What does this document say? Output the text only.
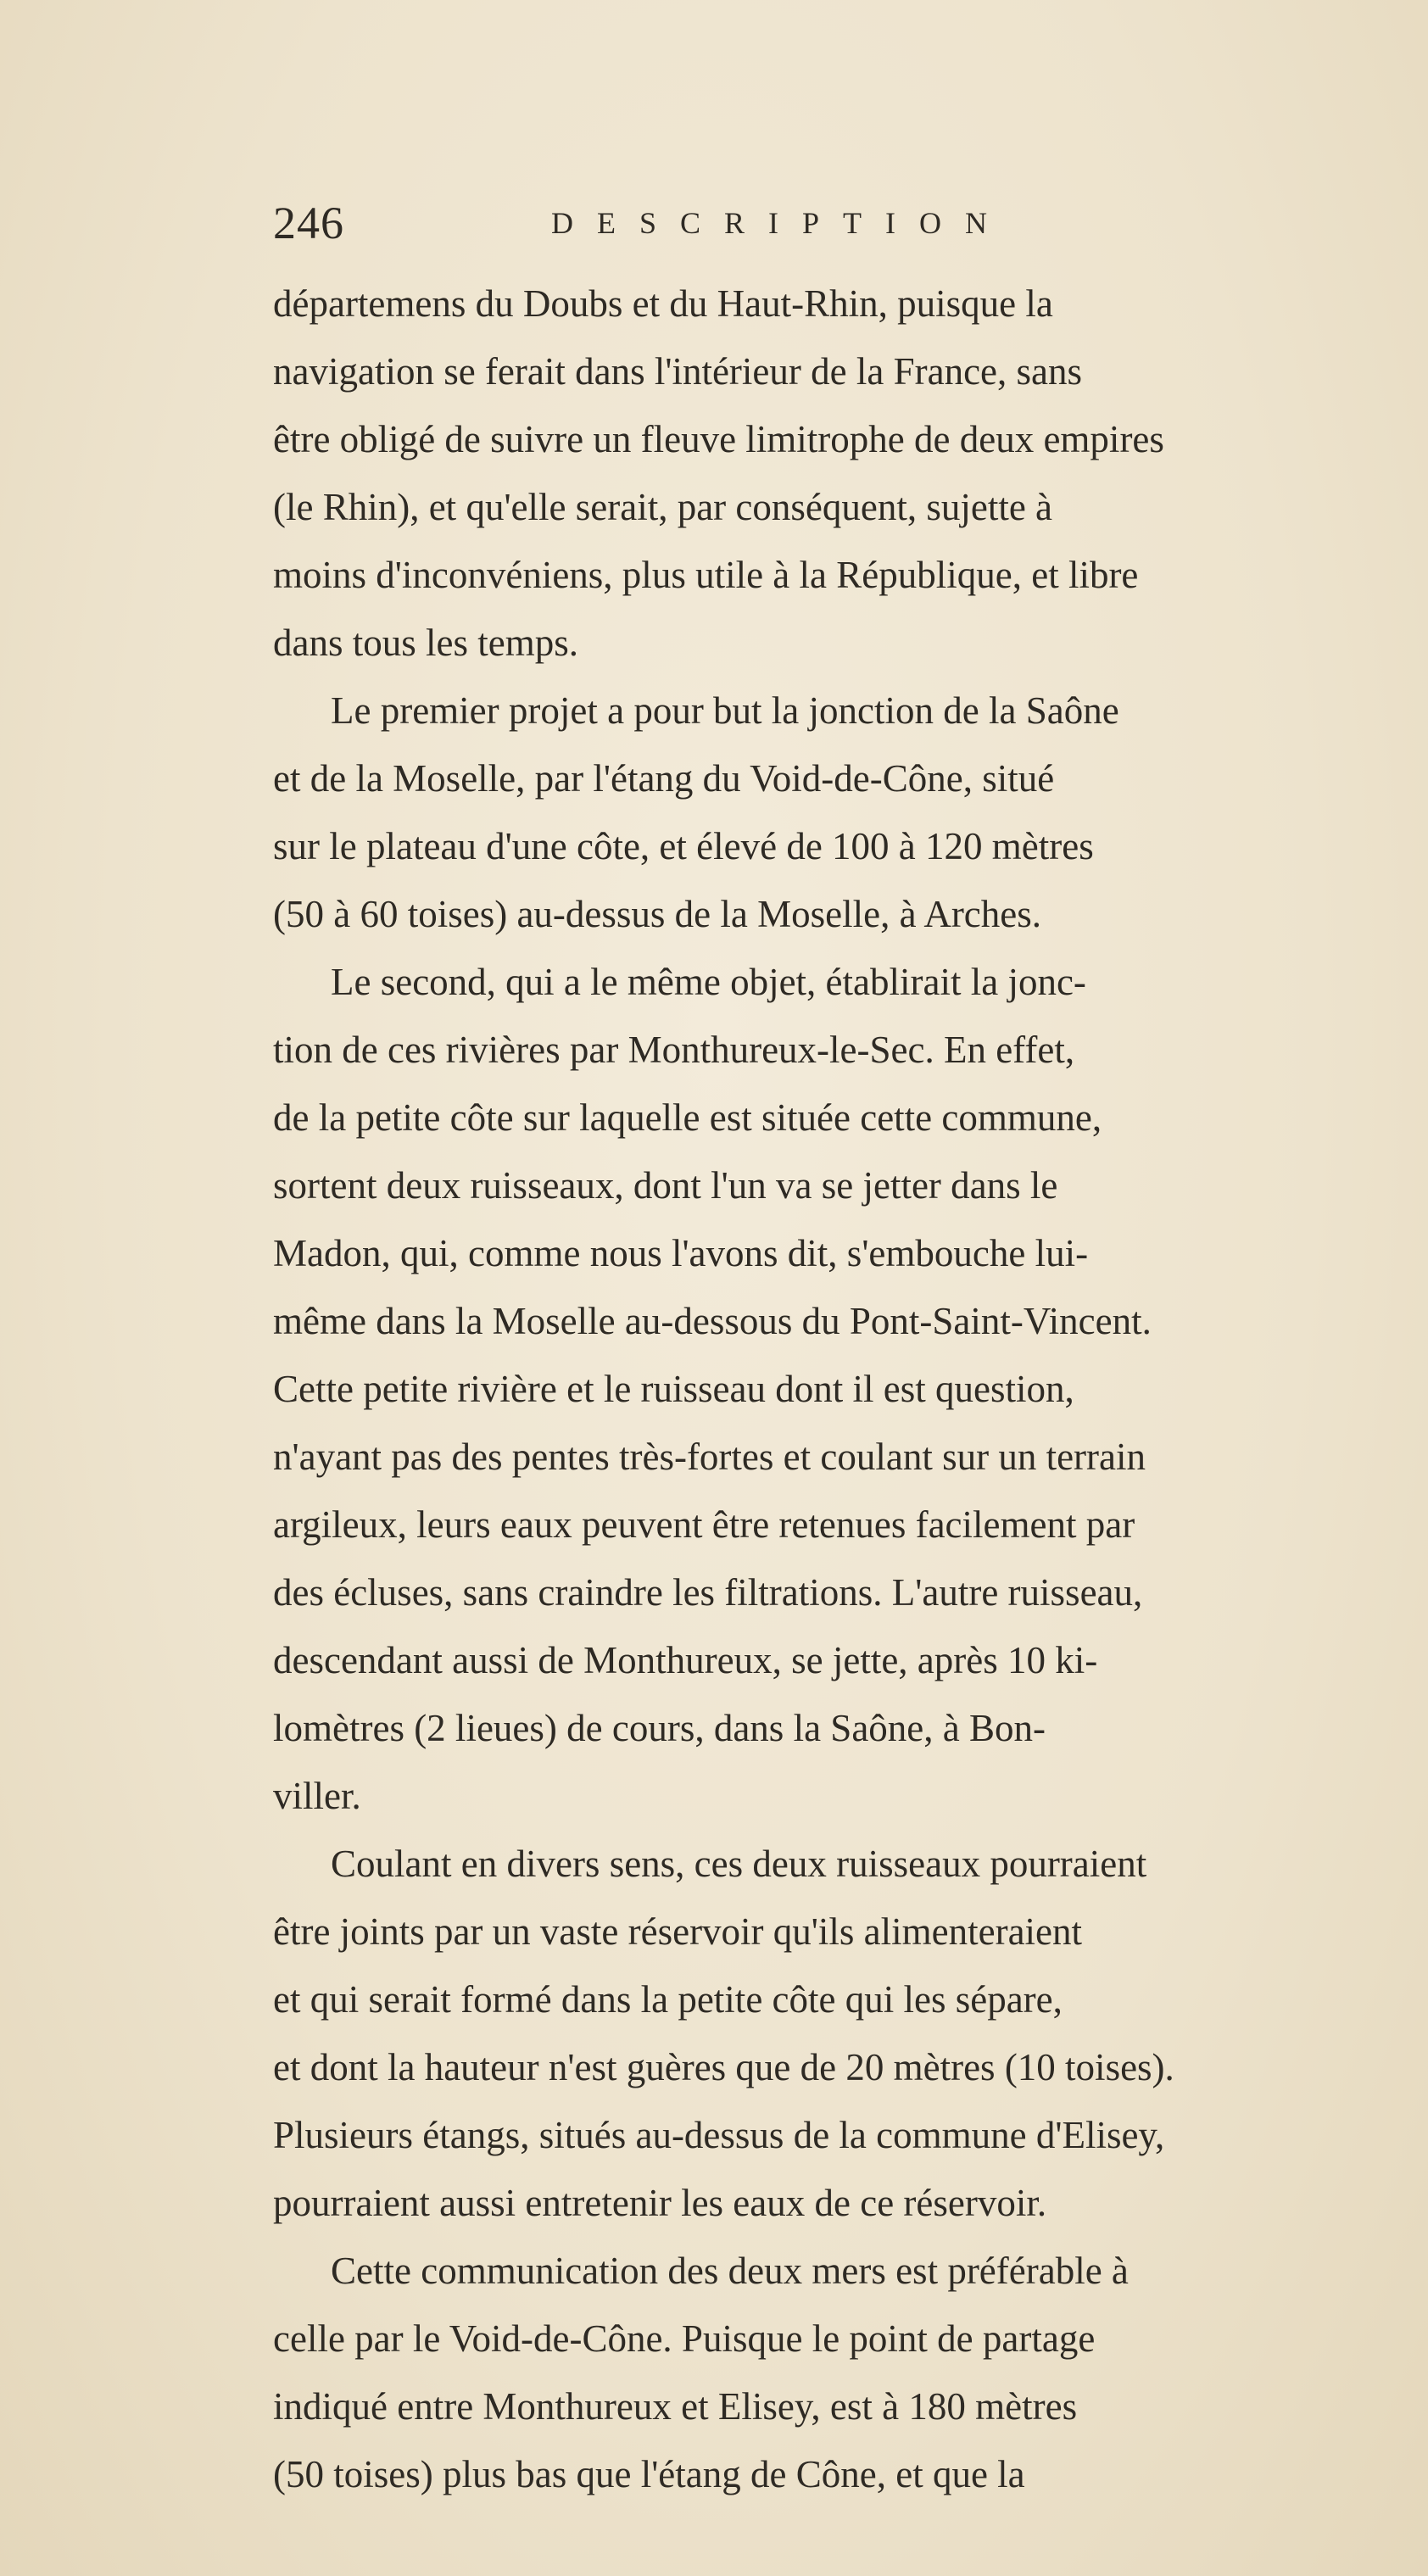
246	DESCRIPTION
départemens du Doubs et du Haut-Rhin, puisque la
navigation se ferait dans l'intérieur de la France, sans
être obligé de suivre un fleuve limitrophe de deux empires
(le Rhin), et qu'elle serait, par conséquent, sujette à
moins d'inconvéniens, plus utile à la République, et libre
dans tous les temps.
Le premier projet a pour but la jonction de la Saône
et de la Moselle, par l'étang du Void-de-Cône, situé
sur le plateau d'une côte, et élevé de 100 à 120 mètres
(50 à 60 toises) au-dessus de la Moselle, à Arches.
Le second, qui a le même objet, établirait la jonc-
tion de ces rivières par Monthureux-le-Sec. En effet,
de la petite côte sur laquelle est située cette commune,
sortent deux ruisseaux, dont l'un va se jetter dans le
Madon, qui, comme nous l'avons dit, s'embouche lui-
même dans la Moselle au-dessous du Pont-Saint-Vincent.
Cette petite rivière et le ruisseau dont il est question,
n'ayant pas des pentes très-fortes et coulant sur un terrain
argileux, leurs eaux peuvent être retenues facilement par
des écluses, sans craindre les filtrations. L'autre ruisseau,
descendant aussi de Monthureux, se jette, après 10 ki-
lomètres (2 lieues) de cours, dans la Saône, à Bon-
viller.
Coulant en divers sens, ces deux ruisseaux pourraient
être joints par un vaste réservoir qu'ils alimenteraient
et qui serait formé dans la petite côte qui les sépare,
et dont la hauteur n'est guères que de 20 mètres (10 toises).
Plusieurs étangs, situés au-dessus de la commune d'Elisey,
pourraient aussi entretenir les eaux de ce réservoir.
Cette communication des deux mers est préférable à
celle par le Void-de-Cône. Puisque le point de partage
indiqué entre Monthureux et Elisey, est à 180 mètres
(50 toises) plus bas que l'étang de Cône, et que la
